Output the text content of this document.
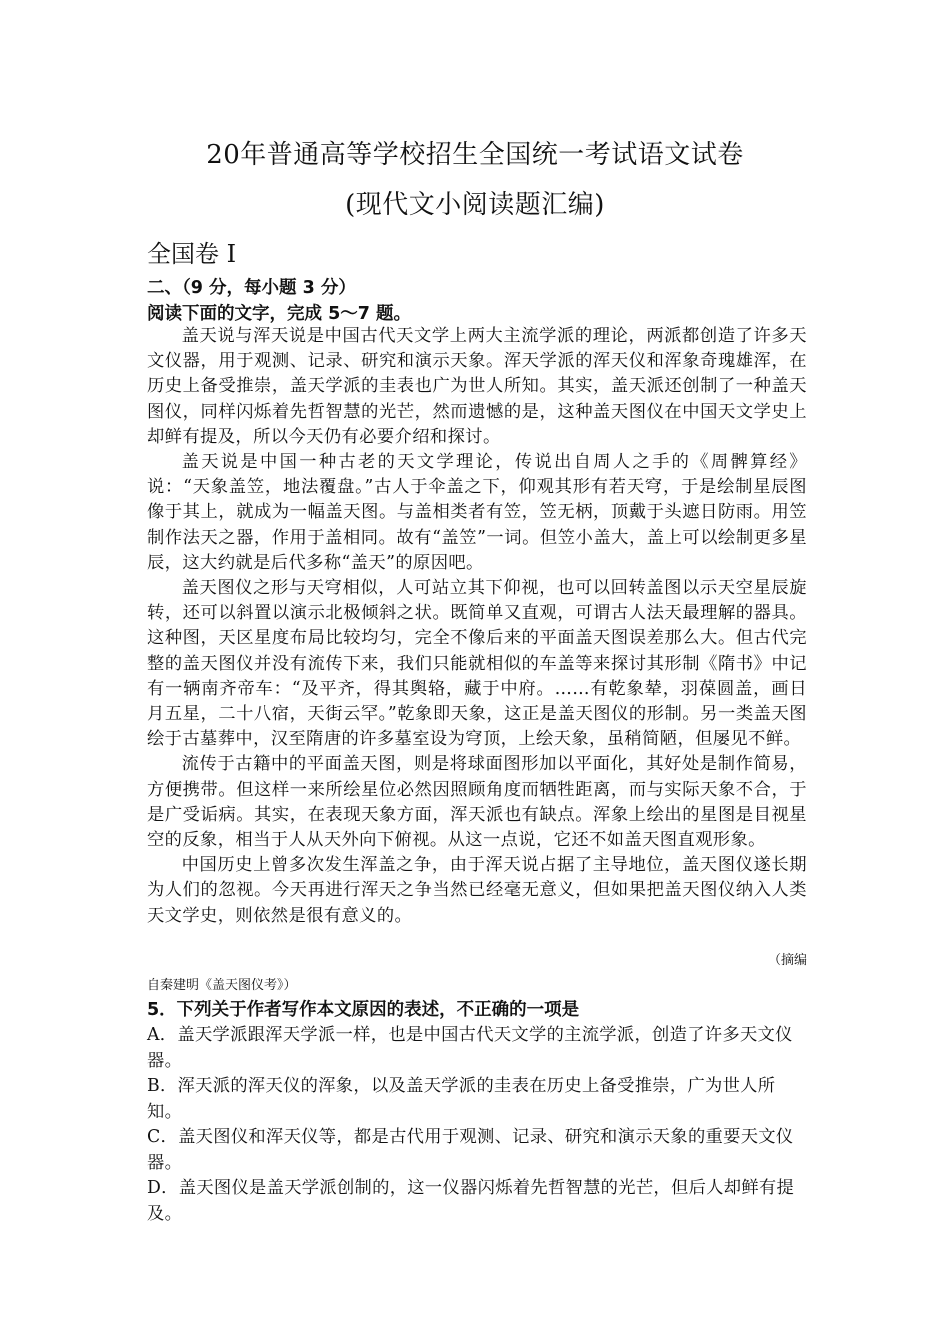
20年普通高等学校招生全国统一考试语文试卷
(现代文小阅读题汇编)
全国卷 I
二、（9 分，每小题 3 分）
阅读下面的文字，完成 5～7 题。

盖天说与浑天说是中国古代天文学上两大主流学派的理论，两派都创造了许多天文仪器，用于观测、记录、研究和演示天象。浑天学派的浑天仪和浑象奇瑰雄浑，在历史上备受推崇，盖天学派的圭表也广为世人所知。其实，盖天派还创制了一种盖天图仪，同样闪烁着先哲智慧的光芒，然而遗憾的是，这种盖天图仪在中国天文学史上却鲜有提及，所以今天仍有必要介绍和探讨。

盖天说是中国一种古老的天文学理论，传说出自周人之手的《周髀算经》说：“天象盖笠，地法覆盘。”古人于伞盖之下，仰观其形有若天穹，于是绘制星辰图像于其上，就成为一幅盖天图。与盖相类者有笠，笠无柄，顶戴于头遮日防雨。用笠制作法天之器，作用于盖相同。故有“盖笠”一词。但笠小盖大，盖上可以绘制更多星辰，这大约就是后代多称“盖天”的原因吧。

盖天图仪之形与天穹相似，人可站立其下仰视，也可以回转盖图以示天空星辰旋转，还可以斜置以演示北极倾斜之状。既简单又直观，可谓古人法天最理解的器具。这种图，天区星度布局比较均匀，完全不像后来的平面盖天图误差那么大。但古代完整的盖天图仪并没有流传下来，我们只能就相似的车盖等来探讨其形制《隋书》中记有一辆南齐帝车：“及平齐，得其舆辂，藏于中府。……有乾象辇，羽葆圆盖，画日月五星，二十八宿，天街云罕。”乾象即天象，这正是盖天图仪的形制。另一类盖天图绘于古墓葬中，汉至隋唐的许多墓室设为穹顶，上绘天象，虽稍简陋，但屡见不鲜。

流传于古籍中的平面盖天图，则是将球面图形加以平面化，其好处是制作简易，方便携带。但这样一来所绘星位必然因照顾角度而牺牲距离，而与实际天象不合，于是广受诟病。其实，在表现天象方面，浑天派也有缺点。浑象上绘出的星图是目视星空的反象，相当于人从天外向下俯视。从这一点说，它还不如盖天图直观形象。

中国历史上曾多次发生浑盖之争，由于浑天说占据了主导地位，盖天图仪遂长期为人们的忽视。今天再进行浑天之争当然已经毫无意义，但如果把盖天图仪纳入人类天文学史，则依然是很有意义的。

（摘编
自秦建明《盖天图仪考》）
5．下列关于作者写作本文原因的表述，不正确的一项是
A．盖天学派跟浑天学派一样，也是中国古代天文学的主流学派，创造了许多天文仪器。
B．浑天派的浑天仪的浑象，以及盖天学派的圭表在历史上备受推崇，广为世人所知。
C．盖天图仪和浑天仪等，都是古代用于观测、记录、研究和演示天象的重要天文仪器。
D．盖天图仪是盖天学派创制的，这一仪器闪烁着先哲智慧的光芒，但后人却鲜有提及。
